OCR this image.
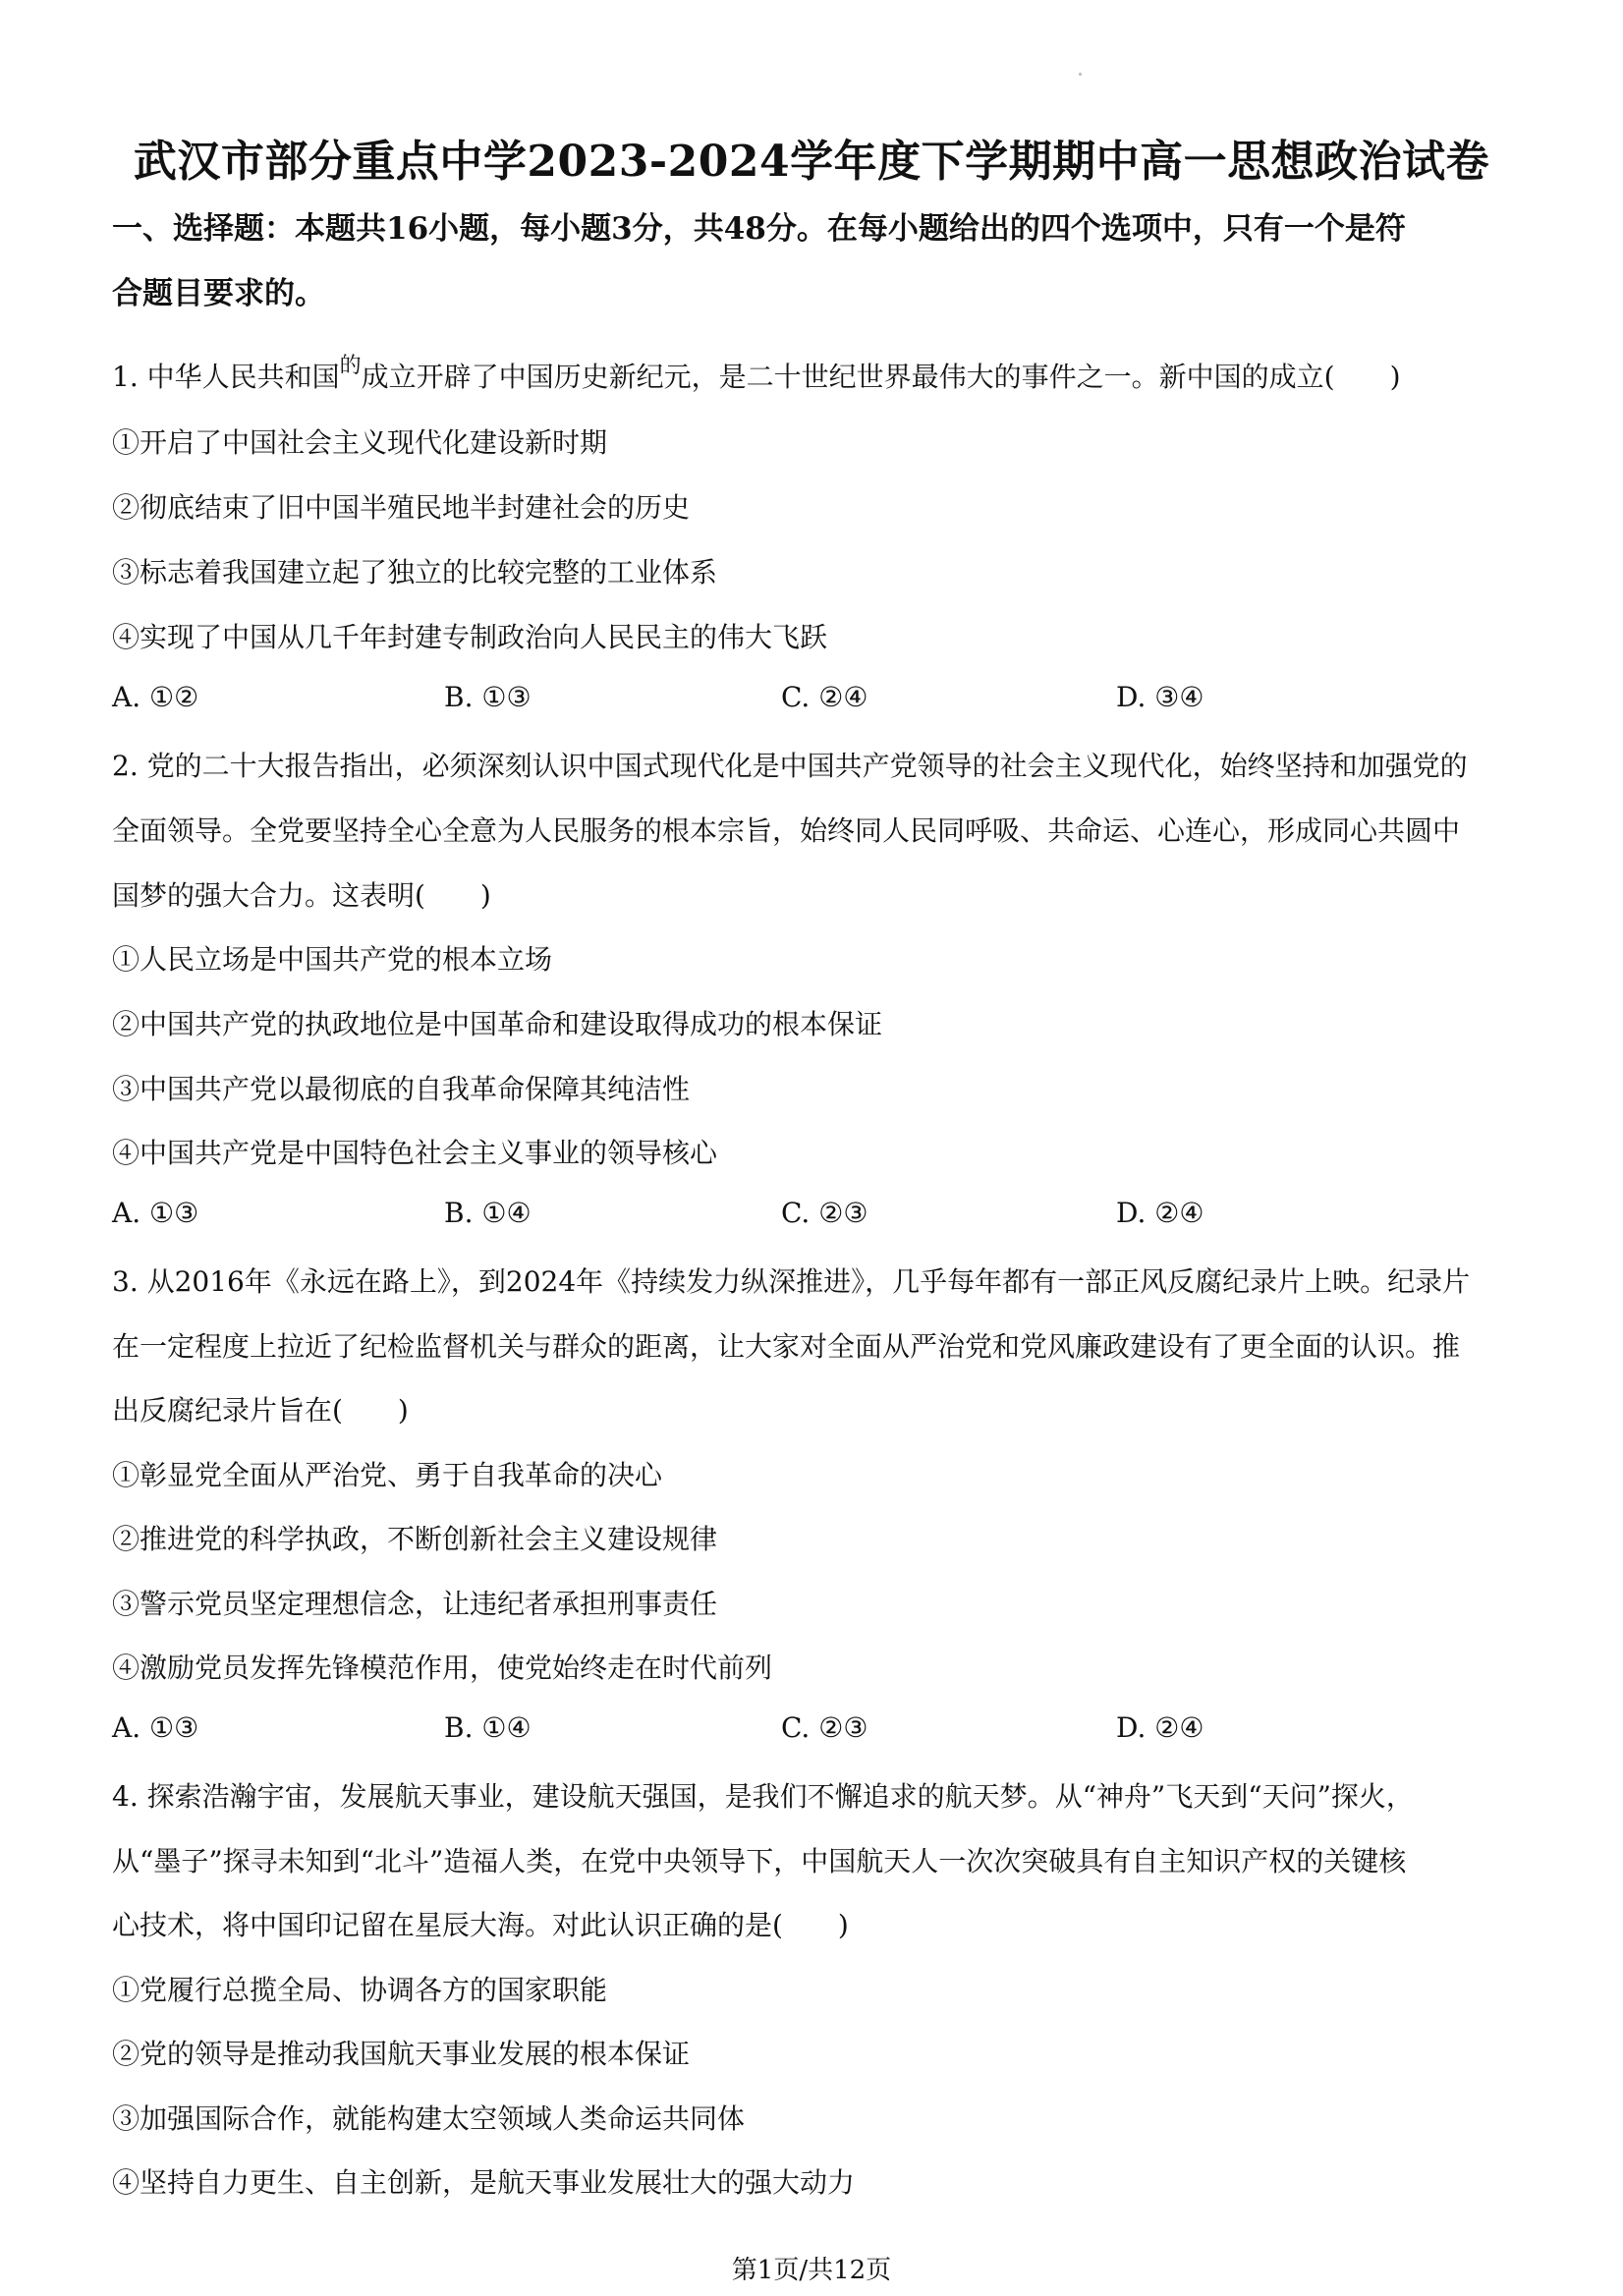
武汉市部分重点中学2023-2024学年度下学期期中高一思想政治试卷
一、选择题：本题共16小题，每小题3分，共48分。在每小题给出的四个选项中，只有一个是符
合题目要求的。
1. 中华人民共和国$^的$成立开辟了中国历史新纪元，是二十世纪世界最伟大的事件之一。新中国的成立(　　)
①开启了中国社会主义现代化建设新时期
②彻底结束了旧中国半殖民地半封建社会的历史
③标志着我国建立起了独立的比较完整的工业体系
④实现了中国从几千年封建专制政治向人民民主的伟大飞跃
A. ①②	B. ①③	C. ②④	D. ③④
2. 党的二十大报告指出，必须深刻认识中国式现代化是中国共产党领导的社会主义现代化，始终坚持和加强党的
全面领导。全党要坚持全心全意为人民服务的根本宗旨，始终同人民同呼吸、共命运、心连心，形成同心共圆中
国梦的强大合力。这表明(　　)
①人民立场是中国共产党的根本立场
②中国共产党的执政地位是中国革命和建设取得成功的根本保证
③中国共产党以最彻底的自我革命保障其纯洁性
④中国共产党是中国特色社会主义事业的领导核心
A. ①③	B. ①④	C. ②③	D. ②④
3. 从2016年《永远在路上》，到2024年《持续发力纵深推进》，几乎每年都有一部正风反腐纪录片上映。纪录片
在一定程度上拉近了纪检监督机关与群众的距离，让大家对全面从严治党和党风廉政建设有了更全面的认识。推
出反腐纪录片旨在(　　)
①彰显党全面从严治党、勇于自我革命的决心
②推进党的科学执政，不断创新社会主义建设规律
③警示党员坚定理想信念，让违纪者承担刑事责任
④激励党员发挥先锋模范作用，使党始终走在时代前列
A. ①③	B. ①④	C. ②③	D. ②④
4. 探索浩瀚宇宙，发展航天事业，建设航天强国，是我们不懈追求的航天梦。从“神舟”飞天到“天问”探火，
从“墨子”探寻未知到“北斗”造福人类，在党中央领导下，中国航天人一次次突破具有自主知识产权的关键核
心技术，将中国印记留在星辰大海。对此认识正确的是(　　)
①党履行总揽全局、协调各方的国家职能
②党的领导是推动我国航天事业发展的根本保证
③加强国际合作，就能构建太空领域人类命运共同体
④坚持自力更生、自主创新，是航天事业发展壮大的强大动力
第1页/共12页
